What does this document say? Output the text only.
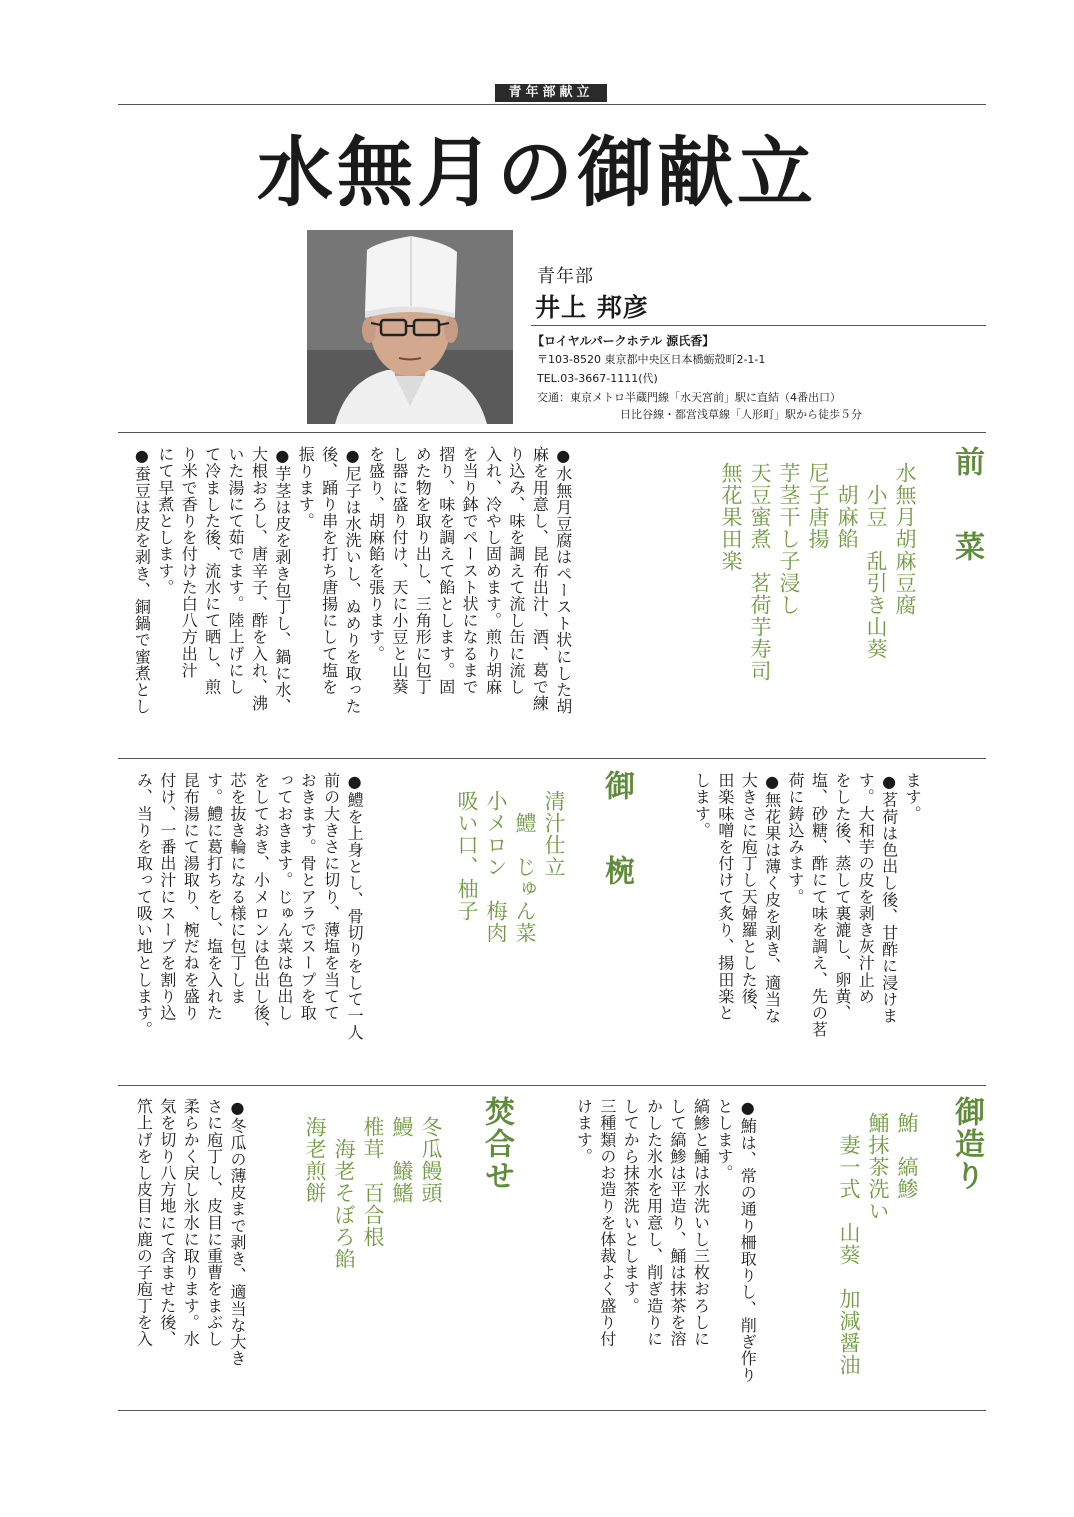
青年部献立
水無月の御献立
青年部
井上 邦彦
【ロイヤルパークホテル 源氏香】
〒103-8520 東京都中央区日本橋蛎殻町2-1-1
TEL.03-3667-1111(代)
交通：東京メトロ半蔵門線「水天宮前」駅に直結（4番出口）
日比谷線・都営浅草線「人形町」駅から徒歩５分
前 菜
水無月胡麻豆腐
　小豆　乱引き山葵
　胡麻餡
尼子唐揚
芋茎干し子浸し
天豆蜜煮　茗荷芋寿司
無花果田楽
●水無月豆腐はペースト状にした胡
麻を用意し、昆布出汁、酒、葛で練
り込み、味を調えて流し缶に流し
入れ、冷やし固めます。煎り胡麻
を当り鉢でペースト状になるまで
摺り、味を調えて餡とします。固
めた物を取り出し、三角形に包丁
し器に盛り付け、天に小豆と山葵
を盛り、胡麻餡を張ります。
●尼子は水洗いし、ぬめりを取った
後、踊り串を打ち唐揚にして塩を
振ります。
●芋茎は皮を剥き包丁し、鍋に水、
大根おろし、唐辛子、酢を入れ、沸
いた湯にて茹でます。陸上げにし
て冷ました後、流水にて晒し、煎
り米で香りを付けた白八方出汁
にて早煮とします。
●蚕豆は皮を剥き、銅鍋で蜜煮とし
ます。
●茗荷は色出し後、甘酢に浸けま
す。大和芋の皮を剥き灰汁止め
をした後、蒸して裏漉し、卵黄、
塩、砂糖、酢にて味を調え、先の茗
荷に鋳込みます。
●無花果は薄く皮を剥き、適当な
大きさに庖丁し天婦羅とした後、
田楽味噌を付けて炙り、揚田楽と
します。
御 椀
清汁仕立
　鱧　じゅん菜
小メロン　梅肉
吸い口、柚子
●鱧を上身とし、骨切りをして一人
前の大きさに切り、薄塩を当てて
おきます。骨とアラでスープを取
っておきます。じゅん菜は色出し
をしておき、小メロンは色出し後、
芯を抜き輪になる様に包丁しま
す。鱧に葛打ちをし、塩を入れた
昆布湯にて湯取り、椀だねを盛り
付け、一番出汁にスープを割り込
み、当りを取って吸い地とします。
御造り
鮪　縞鯵
鯒抹茶洗い
　妻一式　山葵　加減醤油
●鮪は、常の通り柵取りし、削ぎ作り
とします。
縞鯵と鯒は水洗いし三枚おろしに
して縞鯵は平造り、鯒は抹茶を溶
かした氷水を用意し、削ぎ造りに
してから抹茶洗いとします。
三種類のお造りを体裁よく盛り付
けます。
焚合せ
冬瓜饅頭
鰻　鱶鰭
椎茸　百合根
　海老そぼろ餡
海老煎餅
●冬瓜の薄皮まで剥き、適当な大き
さに庖丁し、皮目に重曹をまぶし
柔らかく戻し氷水に取ります。水
気を切り八方地にて含ませた後、
笊上げをし皮目に鹿の子庖丁を入
